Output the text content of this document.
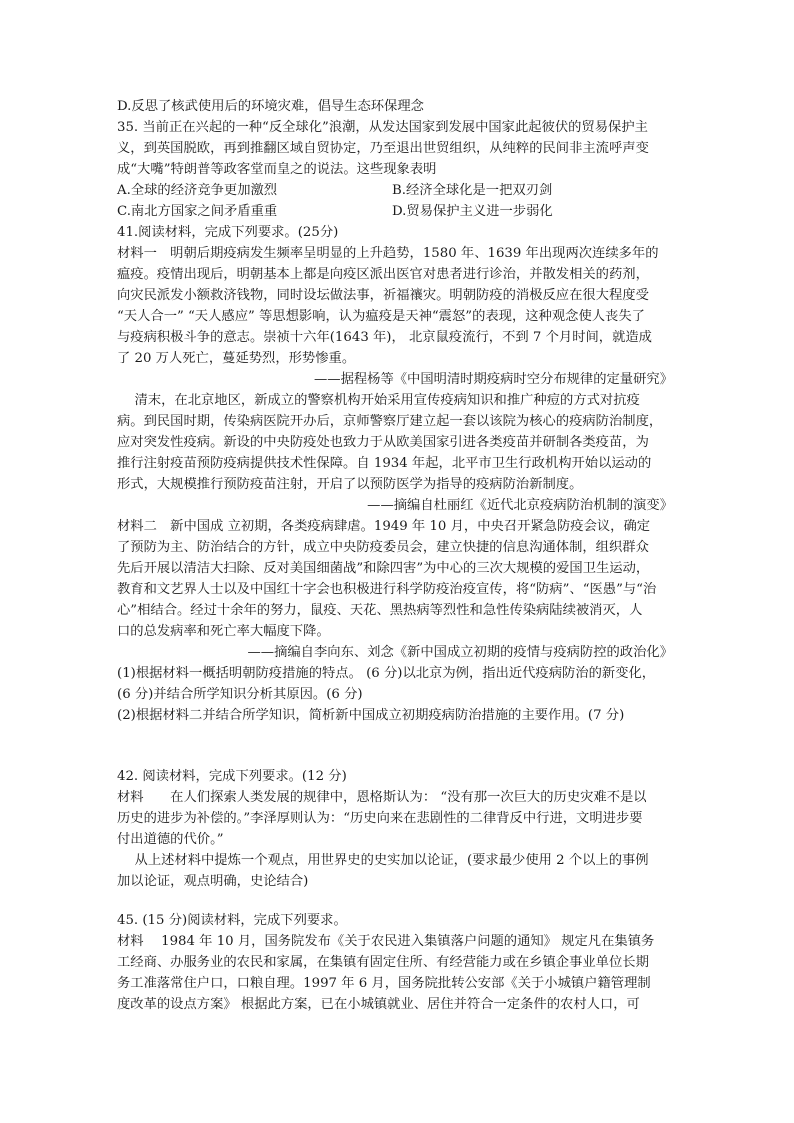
D.反思了核武使用后的环境灾难，倡导生态环保理念
35. 当前正在兴起的一种“反全球化”浪潮，从发达国家到发展中国家此起彼伏的贸易保护主
义，到英国脱欧，再到推翻区域自贸协定，乃至退出世贸组织，从纯粹的民间非主流呼声变
成“大嘴”特朗普等政客堂而皇之的说法。这些现象表明
A.全球的经济竞争更加激烈	B.经济全球化是一把双刃剑
C.南北方国家之间矛盾重重	D.贸易保护主义进一步弱化
41.阅读材料，完成下列要求。(25分)
材料一　明朝后期疫病发生频率呈明显的上升趋势，1580 年、1639 年出现两次连续多年的
瘟疫。疫情出现后，明朝基本上都是向疫区派出医官对患者进行诊治，并散发相关的药剂，
向灾民派发小额救济钱物，同时设坛做法事，祈福禳灾。明朝防疫的消极反应在很大程度受
“天人合一” “天人感应” 等思想影响，认为瘟疫是天神“震怒”的表现，这种观念使人丧失了
与疫病积极斗争的意志。崇祯十六年(1643 年)， 北京鼠疫流行，不到 7 个月时间，就造成
了 20 万人死亡，蔓延势烈，形势惨重。
——据程杨等《中国明清时期疫病时空分布规律的定量研究》
　 清末，在北京地区，新成立的警察机构开始采用宣传疫病知识和推广种痘的方式对抗疫
病。到民国时期，传染病医院开办后，京师警察厅建立起一套以该院为核心的疫病防治制度，
应对突发性疫病。新设的中央防疫处也致力于从欧美国家引进各类疫苗并研制各类疫苗，为
推行注射疫苗预防疫病提供技术性保障。自 1934 年起，北平市卫生行政机构开始以运动的
形式，大规模推行预防疫苗注射，开启了以预防医学为指导的疫病防治新制度。
——摘编自杜丽红《近代北京疫病防治机制的演变》
材料二　新中国成 立初期，各类疫病肆虐。1949 年 10 月，中央召开紧急防疫会议，确定
了预防为主、防治结合的方针，成立中央防疫委员会，建立快捷的信息沟通体制，组织群众
先后开展以清洁大扫除、反对美国细菌战”和除四害”为中心的三次大规模的爱国卫生运动，
教育和文艺界人士以及中国红十字会也积极进行科学防疫治疫宣传，将“防病”、“医愚”与“治
心”相结合。经过十余年的努力，鼠疫、天花、黑热病等烈性和急性传染病陆续被消灭，人
口的总发病率和死亡率大幅度下降。
——摘编自李向东、刘念《新中国成立初期的疫情与疫病防控的政治化》
(1)根据材料一概括明朝防疫措施的特点。 (6 分)以北京为例，指出近代疫病防治的新变化，
(6 分)并结合所学知识分析其原因。(6 分)
(2)根据材料二并结合所学知识，简析新中国成立初期疫病防治措施的主要作用。(7 分)
42. 阅读材料，完成下列要求。(12 分)
材料　　在人们探索人类发展的规律中，恩格斯认为： “没有那一次巨大的历史灾难不是以
历史的进步为补偿的。”李泽厚则认为：“历史向来在悲剧性的二律背反中行进，文明进步要
付出道德的代价。”
　 从上述材料中提炼一个观点，用世界史的史实加以论证，(要求最少使用 2 个以上的事例
加以论证，观点明确，史论结合)
45. (15 分)阅读材料，完成下列要求。
材料　 1984 年 10 月，国务院发布《关于农民进入集镇落户问题的通知》 规定凡在集镇务
工经商、办服务业的农民和家属，在集镇有固定住所、有经营能力或在乡镇企事业单位长期
务工准落常住户口，口粮自理。1997 年 6 月，国务院批转公安部《关于小城镇户籍管理制
度改革的设点方案》 根据此方案，已在小城镇就业、居住并符合一定条件的农村人口，可
